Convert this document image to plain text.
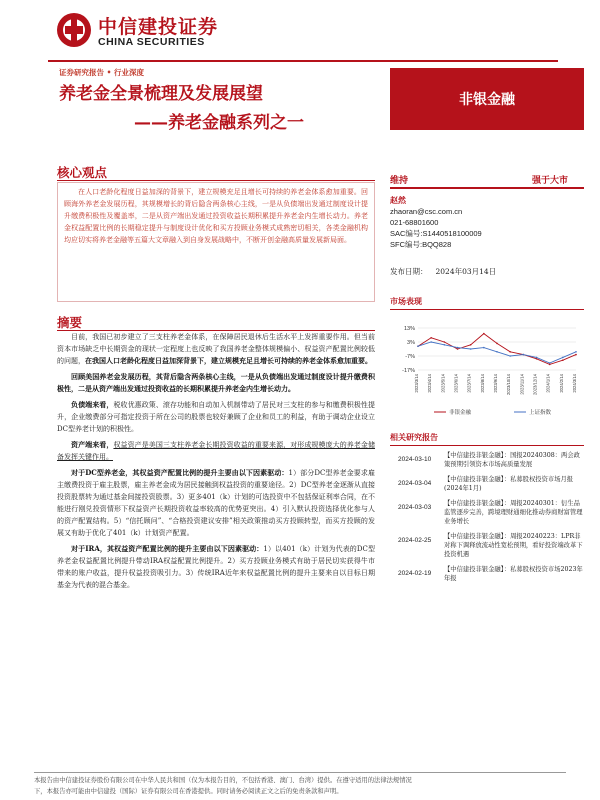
中信建投证券
CHINA SECURITIES
证券研究报告 • 行业深度
养老金全景梳理及发展展望
——养老金融系列之一
非银金融
核心观点

在人口老龄化程度日益加深的背景下，建立规模充足且增长可持续的养老金体系愈加重要。回顾海外养老金发展历程，其规模增长的背后隐含两条核心主线，一是从负债端出发通过制度设计提升缴费积极性及覆盖率，二是从资产端出发通过投资收益长期积累提升养老金内生增长动力。养老金权益配置比例的长期稳定提升与制度设计优化和买方投顾业务模式成熟密切相关，各类金融机构均应切实将养老金融等五篇大文章融入到自身发展战略中，不断开创金融高质量发展新局面。

摘要

目前，我国已初步建立了三支柱养老金体系，在保障居民退休后生活水平上发挥重要作用。但当前资本市场缺乏中长期资金的现状一定程度上也反映了我国养老金整体规模偏小、权益资产配置比例较低的问题，在我国人口老龄化程度日益加深背景下，建立规模充足且增长可持续的养老金体系愈加重要。

回顾美国养老金发展历程，其背后隐含两条核心主线，一是从负债端出发通过制度设计提升缴费积极性，二是从资产端出发通过投资收益的长期积累提升养老金内生增长动力。

负债端来看，税收优惠政策、滚存功能和自动加入机制带动了居民对三支柱的参与和缴费积极性提升，企业缴费部分可指定投资于所在公司的股票也较好兼顾了企业和员工的利益，有助于调动企业设立DC型养老计划的积极性。

资产端来看，权益资产是美国三支柱养老金长期投资收益的重要来源，对形成规模庞大的养老金储备发挥关键作用。

对于DC型养老金，其权益资产配置比例的提升主要由以下因素驱动：1）部分DC型养老金要求雇主缴费投资于雇主股票，雇主养老金成为居民接触到权益投资的重要途径。2）DC型养老金逐渐从直接投资股票转为通过基金间接投资股票。3）更多401（k）计划的可选投资中不包括保证利率合同，在不能进行刚兑投资情形下权益资产长期投资收益率较高的优势更突出。4）引入默认投资选择优化参与人的资产配置结构。5）“信托顾问”、“合格投资建议安排”相关政策推动买方投顾转型，而买方投顾的发展又有助于优化了401（k）计划资产配置。

对于IRA，其权益资产配置比例的提升主要由以下因素驱动：1）以401（k）计划为代表的DC型养老金权益配置比例提升带动IRA权益配置比例提升。2）买方投顾业务模式有助于居民切实获得牛市带来的账户收益，提升权益投资吸引力。3）传统IRA近年来权益配置比例的提升主要来自以目标日期基金为代表的混合基金。

维持	强于大市
赵然
zhaoran@csc.com.cn
021-68801600
SAC编号:S1440518100009
SFC编号:BQQ828
发布日期： 2024年03月14日
市场表现
13%
3%
-7%
-17%
2023/3/14 2023/4/14 2023/5/14 2023/6/14 2023/7/14 2023/8/14 2023/9/14 2023/10/14 2023/11/14 2023/12/14 2024/1/14 2024/2/14 2024/3/14
非银金融	上证指数
相关研究报告
2024-03-10
【中信建投非银金融】：国报20240308：两会政策预期引领资本市场高质量发展
2024-03-04
【中信建投非银金融】：私募股权投资市场月报(2024年1月)
2024-03-03
【中信建投非银金融】：周报20240301：衍生品监管逐步完善，跨境理财通细化推动券商财富管理业务增长
2024-02-25
【中信建投非银金融】：周报20240223：LPR非对称下调释放流动性宽松预期，看好投资端改革下投资机遇
2024-02-19
【中信建投非银金融】：私募股权投资市场2023年年报
本报告由中信建投证券股份有限公司在中华人民共和国（仅为本报告目的，不包括香港、澳门、台湾）提供。在遵守适用的法律法规情况
下，本报告亦可能由中信建投（国际）证券有限公司在香港提供。同时请务必阅读正文之后的免责条款和声明。
